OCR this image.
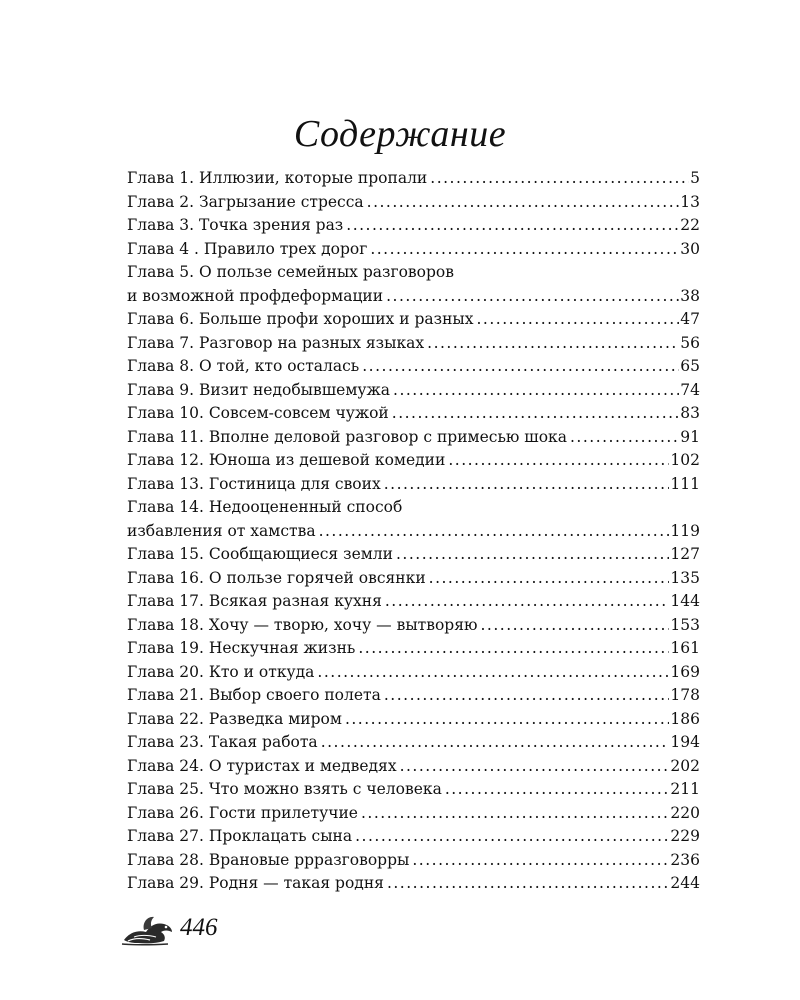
Содержание
Глава 1. Иллюзии, которые пропали .....	5
Глава 2. Загрызание стресса .....	13
Глава 3. Точка зрения раз .....	22
Глава 4 . Правило трех дорог .....	30
Глава 5. О пользе семейных разговоров
и возможной профдеформации .....	38
Глава 6. Больше профи хороших и разных .....	47
Глава 7. Разговор на разных языках .....	56
Глава 8. О той, кто осталась .....	65
Глава 9. Визит недобывшемужа .....	74
Глава 10. Совсем-совсем чужой .....	83
Глава 11. Вполне деловой разговор с примесью шока .....	91
Глава 12. Юноша из дешевой комедии .....	102
Глава 13. Гостиница для своих .....	111
Глава 14. Недооцененный способ
избавления от хамства .....	119
Глава 15. Сообщающиеся земли .....	127
Глава 16. О пользе горячей овсянки .....	135
Глава 17. Всякая разная кухня .....	144
Глава 18. Хочу — творю, хочу — вытворяю .....	153
Глава 19. Нескучная жизнь .....	161
Глава 20. Кто и откуда .....	169
Глава 21. Выбор своего полета .....	178
Глава 22. Разведка миром .....	186
Глава 23. Такая работа .....	194
Глава 24. О туристах и медведях .....	202
Глава 25. Что можно взять с человека .....	211
Глава 26. Гости прилетучие .....	220
Глава 27. Проклацать сына .....	229
Глава 28. Врановые ррразговорры .....	236
Глава 29. Родня — такая родня .....	244
446
